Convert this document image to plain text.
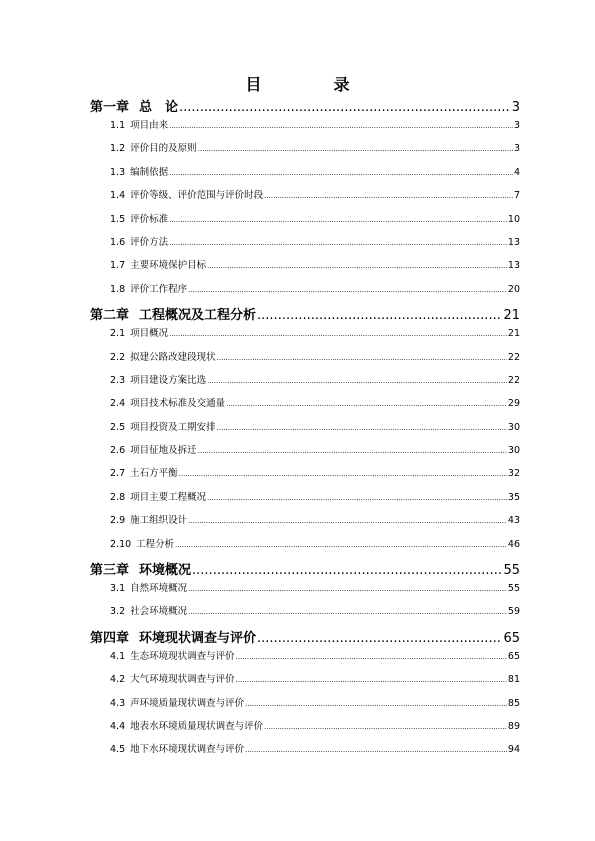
目　录
第一章 总　论 .....	3
1.1 项目由来 .....	3
1.2 评价目的及原则 .....	3
1.3 编制依据 .....	4
1.4 评价等级、评价范围与评价时段 .....	7
1.5 评价标准 .....	10
1.6 评价方法 .....	13
1.7 主要环境保护目标 .....	13
1.8 评价工作程序 .....	20
第二章 工程概况及工程分析 .....	21
2.1 项目概况 .....	21
2.2 拟建公路改建段现状 .....	22
2.3 项目建设方案比选 .....	22
2.4 项目技术标准及交通量 .....	29
2.5 项目投资及工期安排 .....	30
2.6 项目征地及拆迁 .....	30
2.7 土石方平衡 .....	32
2.8 项目主要工程概况 .....	35
2.9 施工组织设计 .....	43
2.10 工程分析 .....	46
第三章 环境概况 .....	55
3.1 自然环境概况 .....	55
3.2 社会环境概况 .....	59
第四章 环境现状调查与评价 .....	65
4.1 生态环境现状调查与评价 .....	65
4.2 大气环境现状调查与评价 .....	81
4.3 声环境质量现状调查与评价 .....	85
4.4 地表水环境质量现状调查与评价 .....	89
4.5 地下水环境现状调查与评价 .....	94
